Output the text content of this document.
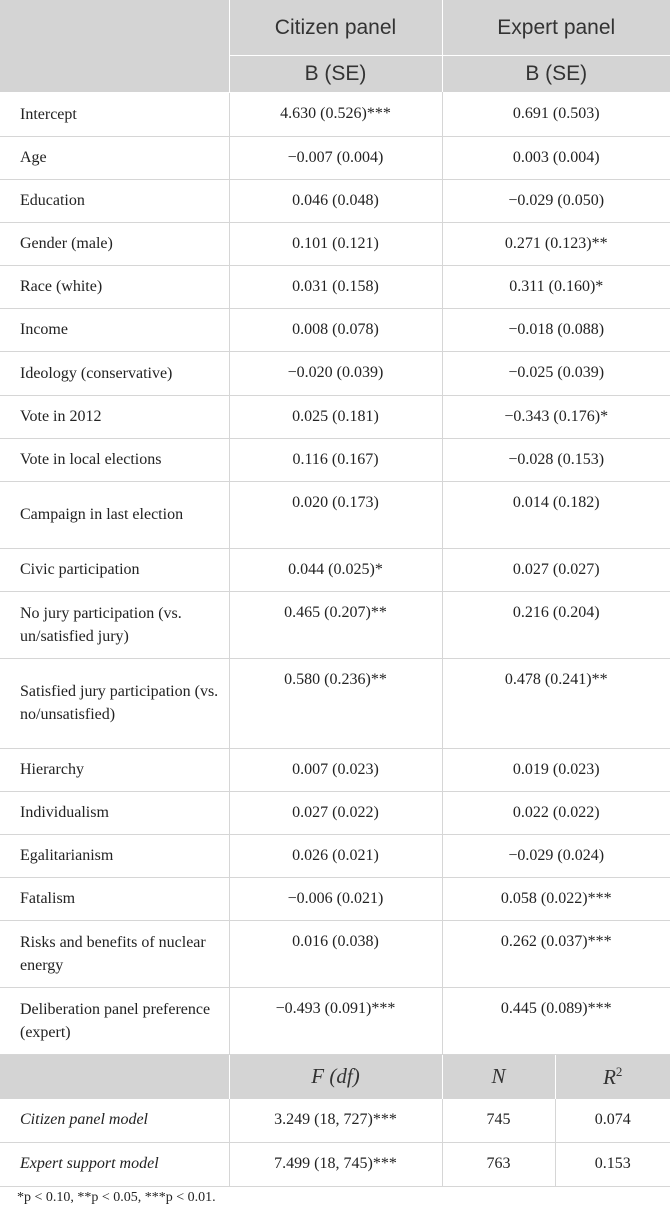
	Citizen panel	Expert panel	
	B (SE)	B (SE)	
Intercept	4.630 (0.526)***	0.691 (0.503)	
Age	−0.007 (0.004)	0.003 (0.004)	
Education	0.046 (0.048)	−0.029 (0.050)	
Gender (male)	0.101 (0.121)	0.271 (0.123)**	
Race (white)	0.031 (0.158)	0.311 (0.160)*	
Income	0.008 (0.078)	−0.018 (0.088)	
Ideology (conservative)	−0.020 (0.039)	−0.025 (0.039)	
Vote in 2012	0.025 (0.181)	−0.343 (0.176)*	
Vote in local elections	0.116 (0.167)	−0.028 (0.153)	
Campaign in last election	0.020 (0.173)	0.014 (0.182)	
Civic participation	0.044 (0.025)*	0.027 (0.027)	
No jury participation (vs. un/satisfied jury)	0.465 (0.207)**	0.216 (0.204)	
Satisfied jury participation (vs. no/unsatisfied)	0.580 (0.236)**	0.478 (0.241)**	
Hierarchy	0.007 (0.023)	0.019 (0.023)	
Individualism	0.027 (0.022)	0.022 (0.022)	
Egalitarianism	0.026 (0.021)	−0.029 (0.024)	
Fatalism	−0.006 (0.021)	0.058 (0.022)***	
Risks and benefits of nuclear energy	0.016 (0.038)	0.262 (0.037)***	
Deliberation panel preference (expert)	−0.493 (0.091)***	0.445 (0.089)***	
	F (df)	N	$R^2$
Citizen panel model	3.249 (18, 727)***	745	0.074
Expert support model	7.499 (18, 745)***	763	0.153
*p < 0.10, **p < 0.05, ***p < 0.01.
